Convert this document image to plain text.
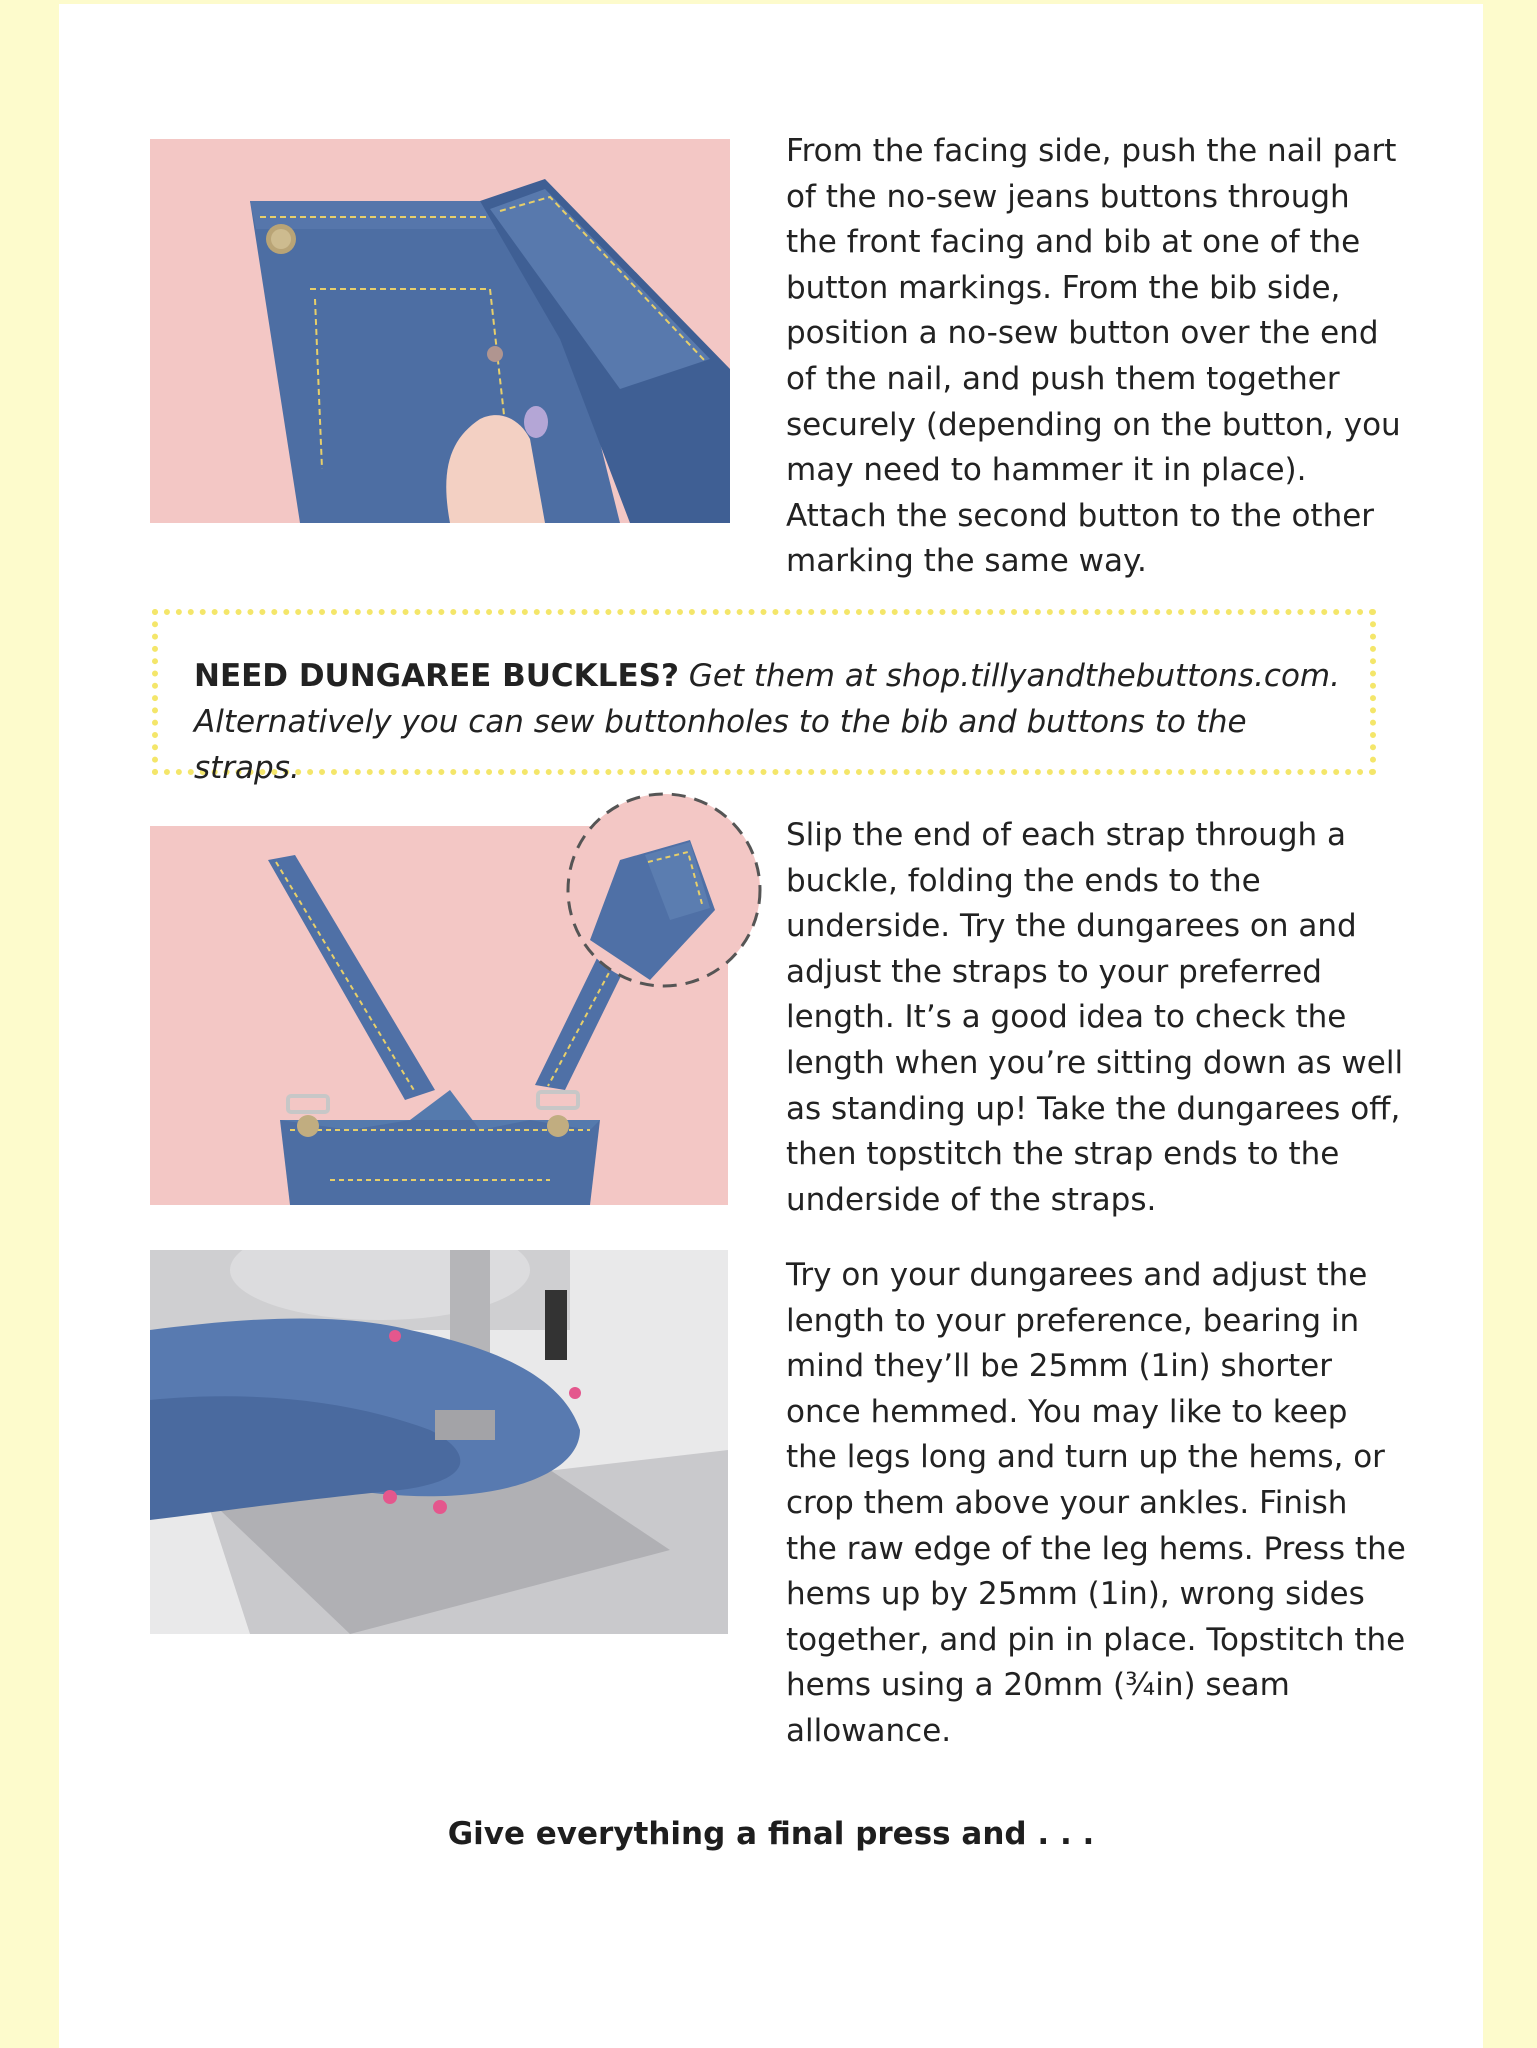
From the facing side, push the nail part of the no-sew jeans buttons through the front facing and bib at one of the button markings. From the bib side, position a no-sew button over the end of the nail, and push them together securely (depending on the button, you may need to hammer it in place). Attach the second button to the other marking the same way.

NEED DUNGAREE BUCKLES? Get them at shop.tillyandthebuttons.com. Alternatively you can sew buttonholes to the bib and buttons to the straps.

Slip the end of each strap through a buckle, folding the ends to the underside. Try the dungarees on and adjust the straps to your preferred length. It’s a good idea to check the length when you’re sitting down as well as standing up! Take the dungarees off, then topstitch the strap ends to the underside of the straps.

Try on your dungarees and adjust the length to your preference, bearing in mind they’ll be 25mm (1in) shorter once hemmed. You may like to keep the legs long and turn up the hems, or crop them above your ankles. Finish the raw edge of the leg hems. Press the hems up by 25mm (1in), wrong sides together, and pin in place. Topstitch the hems using a 20mm (¾in) seam allowance.

Give everything a final press and . . .
